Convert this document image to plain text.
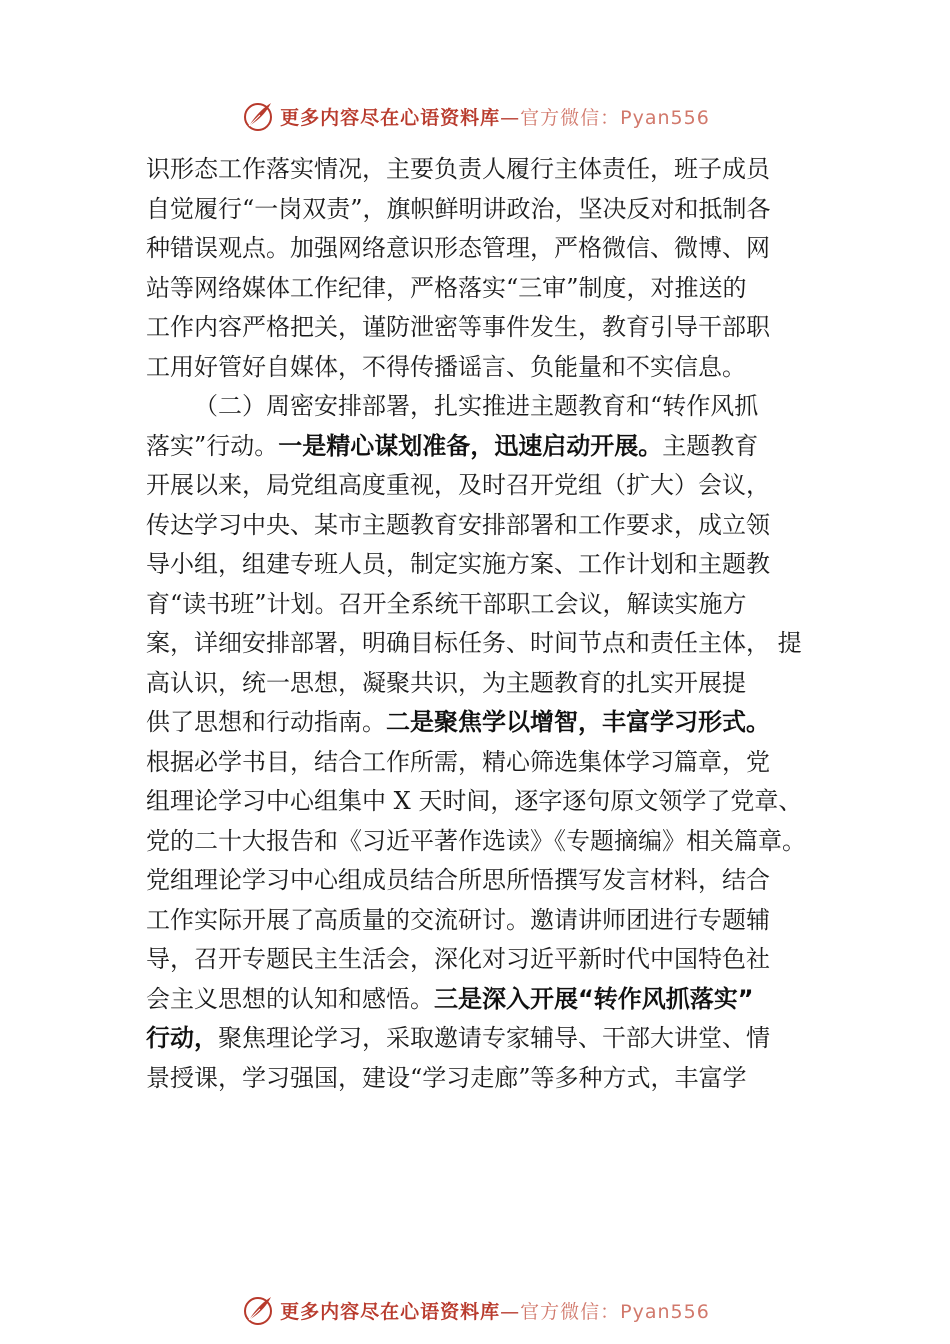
更多内容尽在心语资料库—官方微信：Pyan556
识形态工作落实情况，主要负责人履行主体责任，班子成员
自觉履行“一岗双责”，旗帜鲜明讲政治，坚决反对和抵制各
种错误观点。加强网络意识形态管理，严格微信、微博、网
站等网络媒体工作纪律，严格落实“三审”制度，对推送的
工作内容严格把关，谨防泄密等事件发生，教育引导干部职
工用好管好自媒体，不得传播谣言、负能量和不实信息。
（二）周密安排部署，扎实推进主题教育和“转作风抓
落实”行动。一是精心谋划准备，迅速启动开展。主题教育
开展以来，局党组高度重视，及时召开党组（扩大）会议，
传达学习中央、某市主题教育安排部署和工作要求，成立领
导小组，组建专班人员，制定实施方案、工作计划和主题教
育“读书班”计划。召开全系统干部职工会议，解读实施方
案，详细安排部署，明确目标任务、时间节点和责任主体， 提
高认识，统一思想，凝聚共识，为主题教育的扎实开展提
供了思想和行动指南。二是聚焦学以增智，丰富学习形式。
根据必学书目，结合工作所需，精心筛选集体学习篇章，党
组理论学习中心组集中 X 天时间，逐字逐句原文领学了党章、
党的二十大报告和《习近平著作选读》《专题摘编》相关篇章。
党组理论学习中心组成员结合所思所悟撰写发言材料，结合
工作实际开展了高质量的交流研讨。邀请讲师团进行专题辅
导，召开专题民主生活会，深化对习近平新时代中国特色社
会主义思想的认知和感悟。三是深入开展“转作风抓落实”
行动，聚焦理论学习，采取邀请专家辅导、干部大讲堂、情
景授课，学习强国，建设“学习走廊”等多种方式，丰富学
更多内容尽在心语资料库—官方微信：Pyan556
